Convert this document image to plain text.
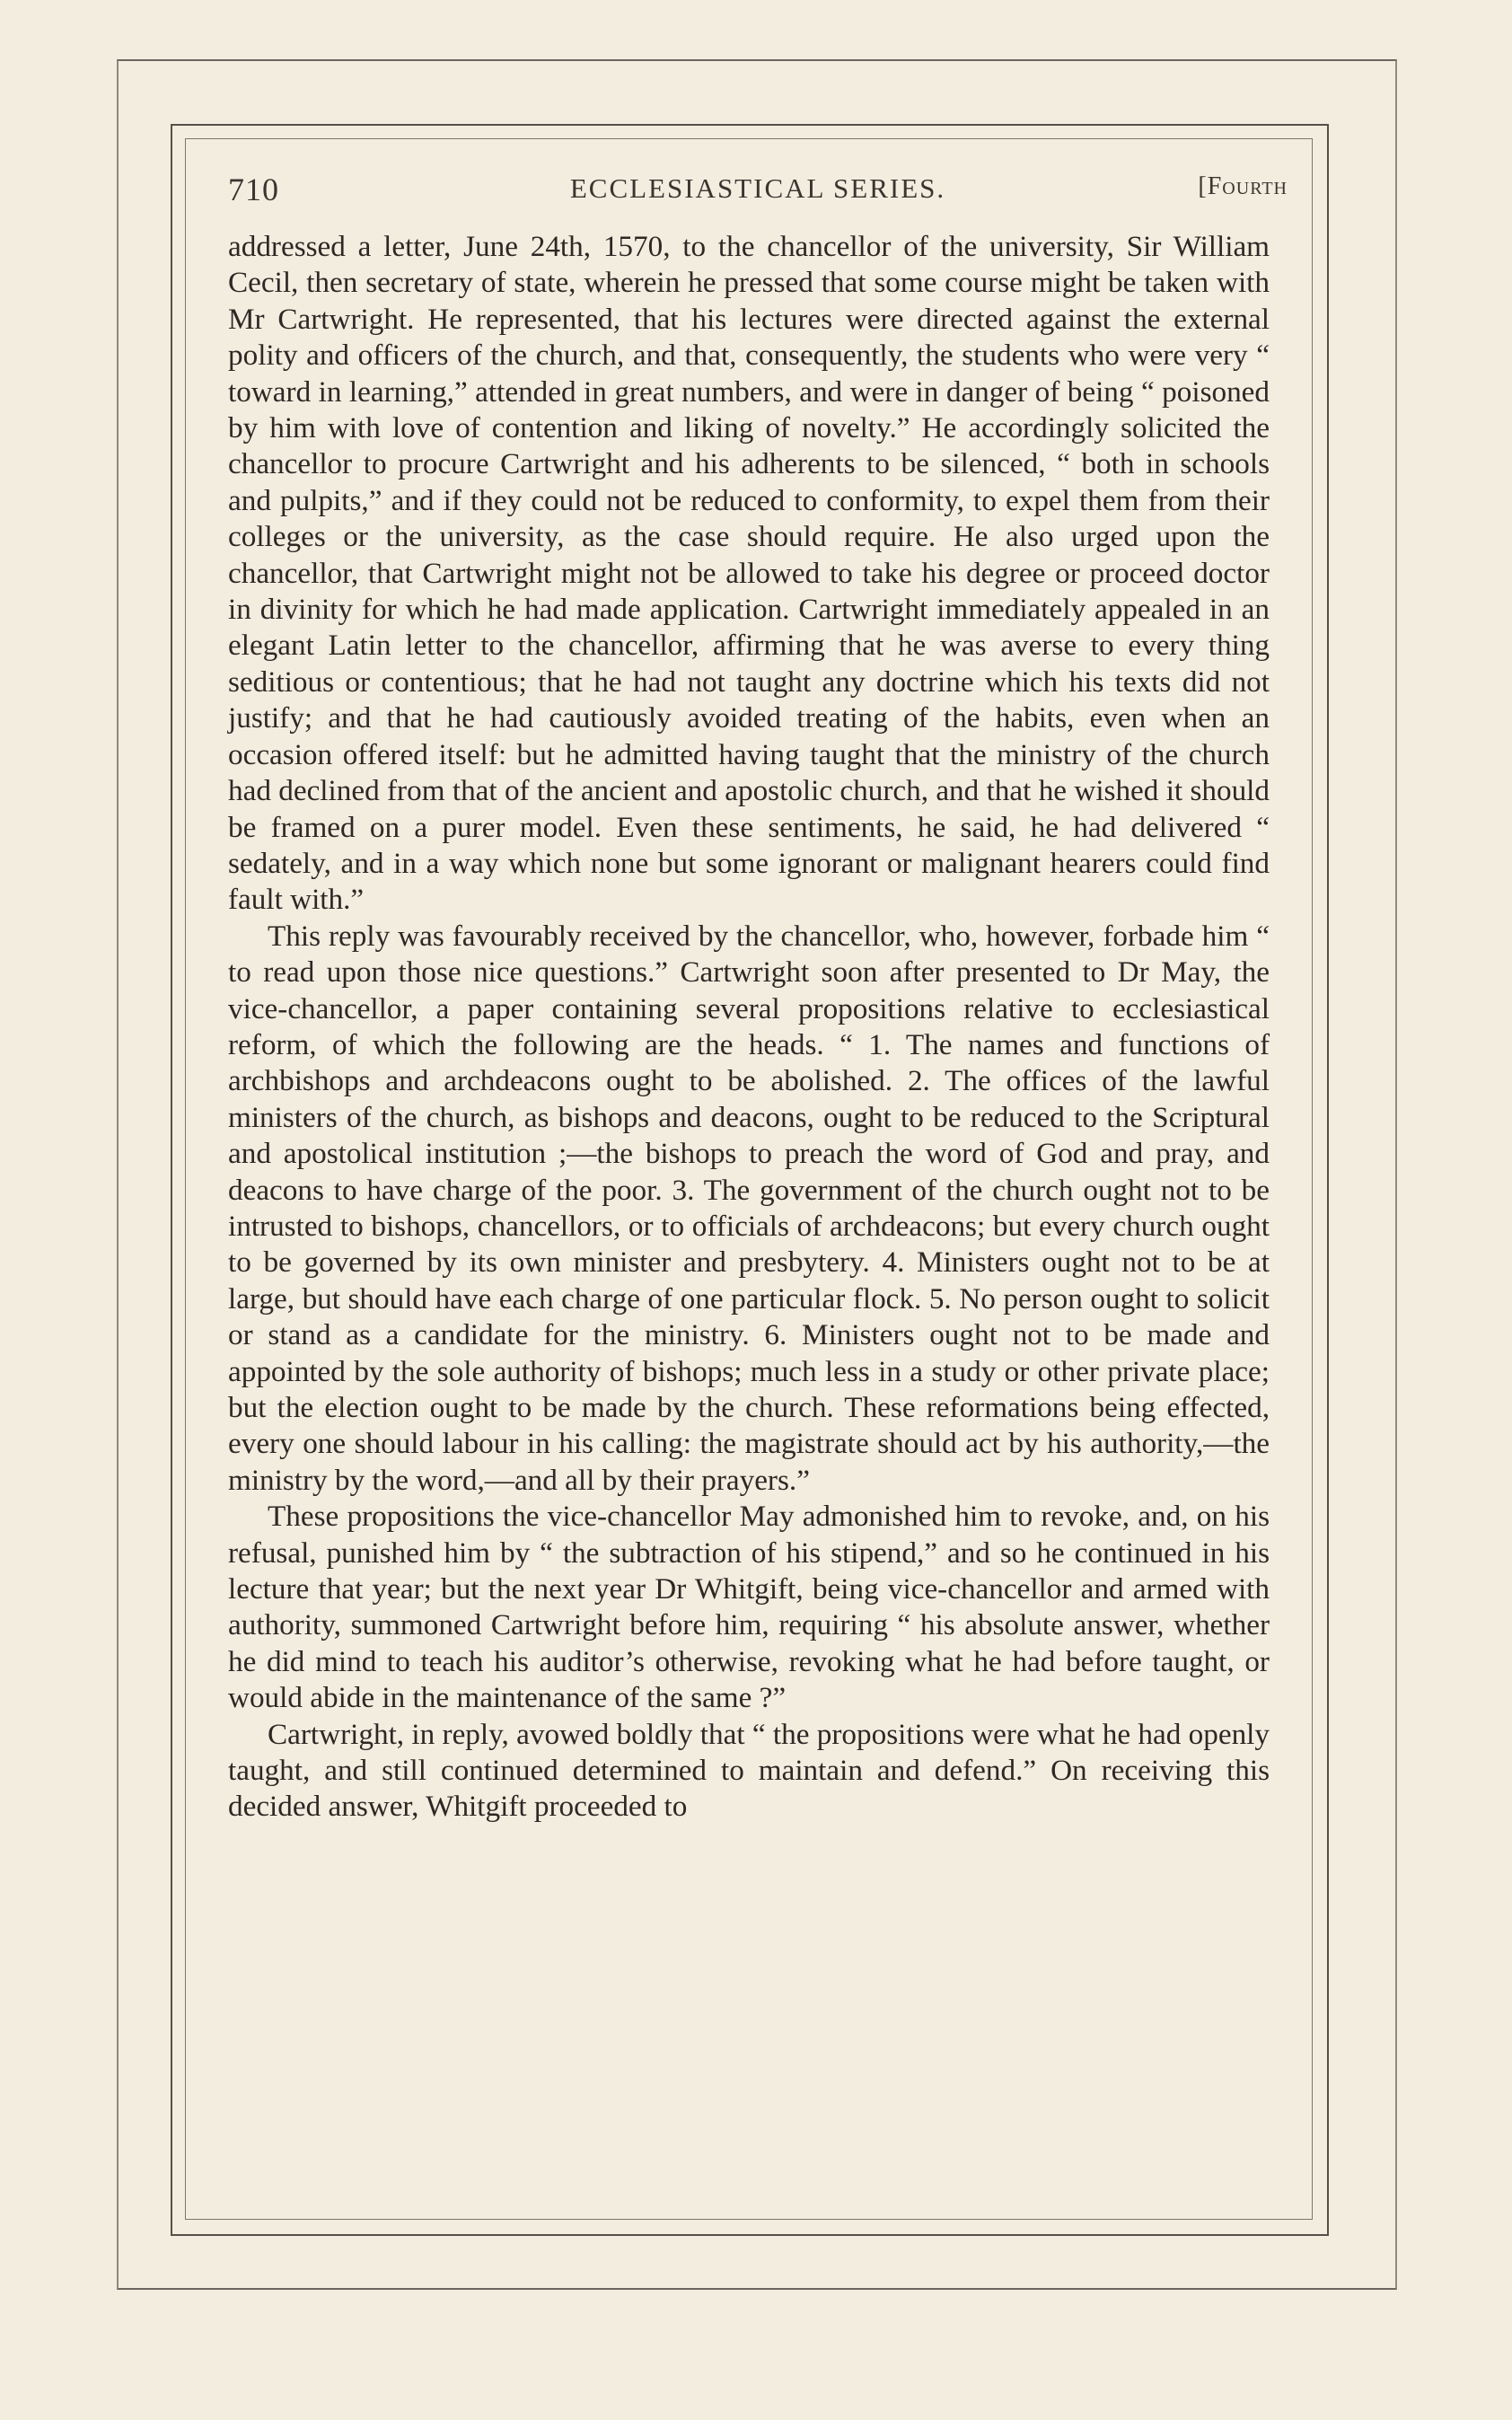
710	ECCLESIASTICAL SERIES.	[Fourth

addressed a letter, June 24th, 1570, to the chancellor of the university, Sir William Cecil, then secretary of state, wherein he pressed that some course might be taken with Mr Cartwright. He represented, that his lectures were directed against the external polity and officers of the church, and that, consequently, the students who were very “ toward in learning,” attended in great numbers, and were in danger of being “ poisoned by him with love of contention and liking of novelty.” He accordingly solicited the chancellor to procure Cartwright and his adherents to be silenced, “ both in schools and pulpits,” and if they could not be reduced to conformity, to expel them from their colleges or the university, as the case should require. He also urged upon the chancellor, that Cartwright might not be allowed to take his degree or proceed doctor in divinity for which he had made application. Cartwright immediately appealed in an elegant Latin letter to the chancellor, affirming that he was averse to every thing seditious or contentious; that he had not taught any doctrine which his texts did not justify; and that he had cautiously avoided treating of the habits, even when an occasion offered itself: but he admitted having taught that the ministry of the church had declined from that of the ancient and apostolic church, and that he wished it should be framed on a purer model. Even these sentiments, he said, he had delivered “ sedately, and in a way which none but some ignorant or malignant hearers could find fault with.”

This reply was favourably received by the chancellor, who, however, forbade him “ to read upon those nice questions.” Cartwright soon after presented to Dr May, the vice-chancellor, a paper containing several propositions relative to ecclesiastical reform, of which the following are the heads. “ 1. The names and functions of archbishops and archdeacons ought to be abolished. 2. The offices of the lawful ministers of the church, as bishops and deacons, ought to be reduced to the Scriptural and apostolical institution ;—the bishops to preach the word of God and pray, and deacons to have charge of the poor. 3. The government of the church ought not to be intrusted to bishops, chancellors, or to officials of archdeacons; but every church ought to be governed by its own minister and presbytery. 4. Ministers ought not to be at large, but should have each charge of one particular flock. 5. No person ought to solicit or stand as a candidate for the ministry. 6. Ministers ought not to be made and appointed by the sole authority of bishops; much less in a study or other private place; but the election ought to be made by the church. These reformations being effected, every one should labour in his calling: the magistrate should act by his authority,—the ministry by the word,—and all by their prayers.”

These propositions the vice-chancellor May admonished him to revoke, and, on his refusal, punished him by “ the subtraction of his stipend,” and so he continued in his lecture that year; but the next year Dr Whitgift, being vice-chancellor and armed with authority, summoned Cartwright before him, requiring “ his absolute answer, whether he did mind to teach his auditor’s otherwise, revoking what he had before taught, or would abide in the maintenance of the same ?”

Cartwright, in reply, avowed boldly that “ the propositions were what he had openly taught, and still continued determined to maintain and defend.” On receiving this decided answer, Whitgift proceeded to
